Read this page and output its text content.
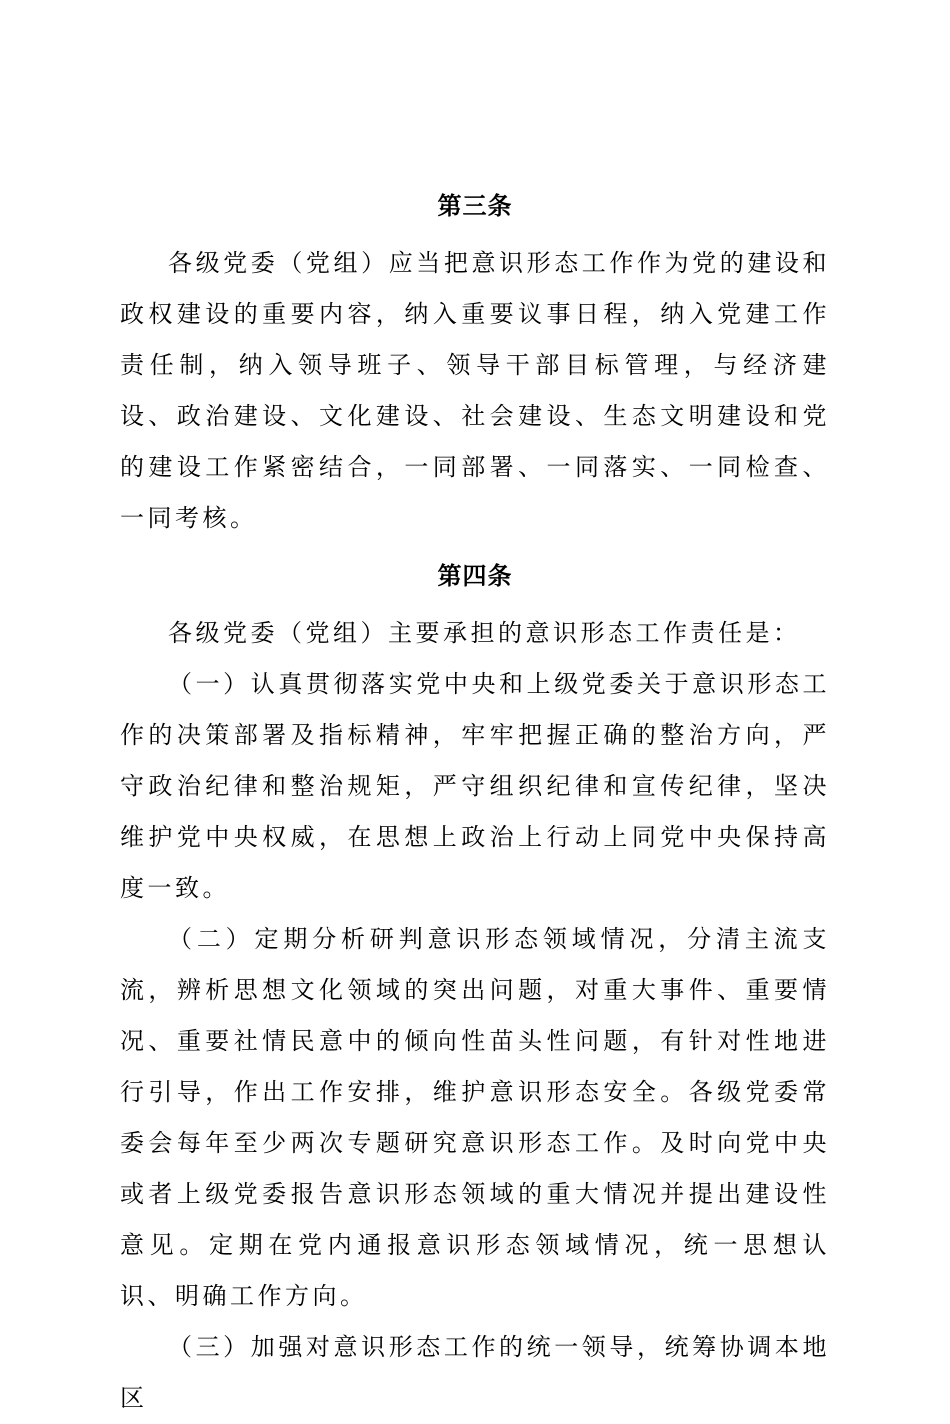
第三条

各级党委（党组）应当把意识形态工作作为党的建设和政权建设的重要内容，纳入重要议事日程，纳入党建工作责任制，纳入领导班子、领导干部目标管理，与经济建设、政治建设、文化建设、社会建设、生态文明建设和党的建设工作紧密结合，一同部署、一同落实、一同检查、一同考核。

第四条

各级党委（党组）主要承担的意识形态工作责任是：

（一）认真贯彻落实党中央和上级党委关于意识形态工作的决策部署及指标精神，牢牢把握正确的整治方向，严守政治纪律和整治规矩，严守组织纪律和宣传纪律，坚决维护党中央权威，在思想上政治上行动上同党中央保持高度一致。

（二）定期分析研判意识形态领域情况，分清主流支流，辨析思想文化领域的突出问题，对重大事件、重要情况、重要社情民意中的倾向性苗头性问题，有针对性地进行引导，作出工作安排，维护意识形态安全。各级党委常委会每年至少两次专题研究意识形态工作。及时向党中央或者上级党委报告意识形态领域的重大情况并提出建设性意见。定期在党内通报意识形态领域情况，统一思想认识、明确工作方向。

（三）加强对意识形态工作的统一领导，统筹协调本地区
